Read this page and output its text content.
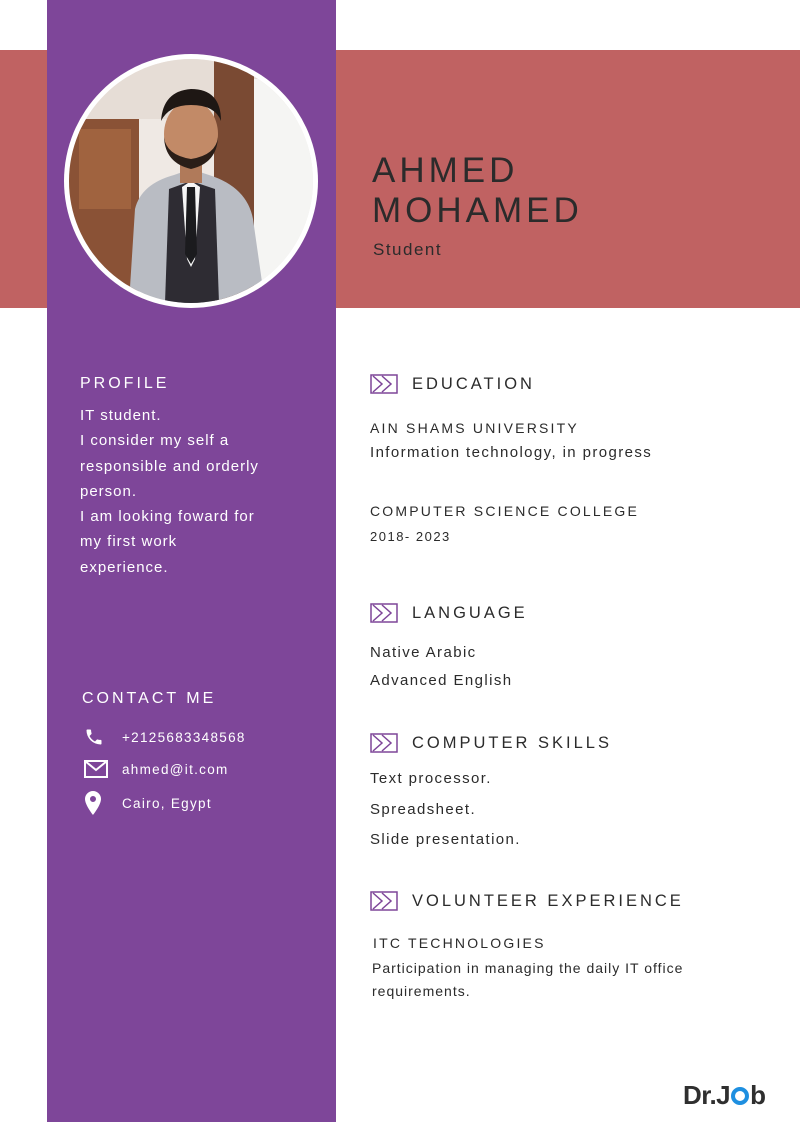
AHMED
MOHAMED
Student
PROFILE
IT student.
I consider my self a
responsible and orderly
person.
I am looking foward for
my first work
experience.
CONTACT ME
+2125683348568
ahmed@it.com
Cairo, Egypt
EDUCATION
AIN SHAMS UNIVERSITY
Information technology, in progress
COMPUTER SCIENCE COLLEGE
2018- 2023
LANGUAGE
Native Arabic
Advanced English
COMPUTER SKILLS
Text processor.
Spreadsheet.
Slide presentation.
VOLUNTEER EXPERIENCE
ITC TECHNOLOGIES
Participation in managing the daily IT office requirements.
Dr.J b
